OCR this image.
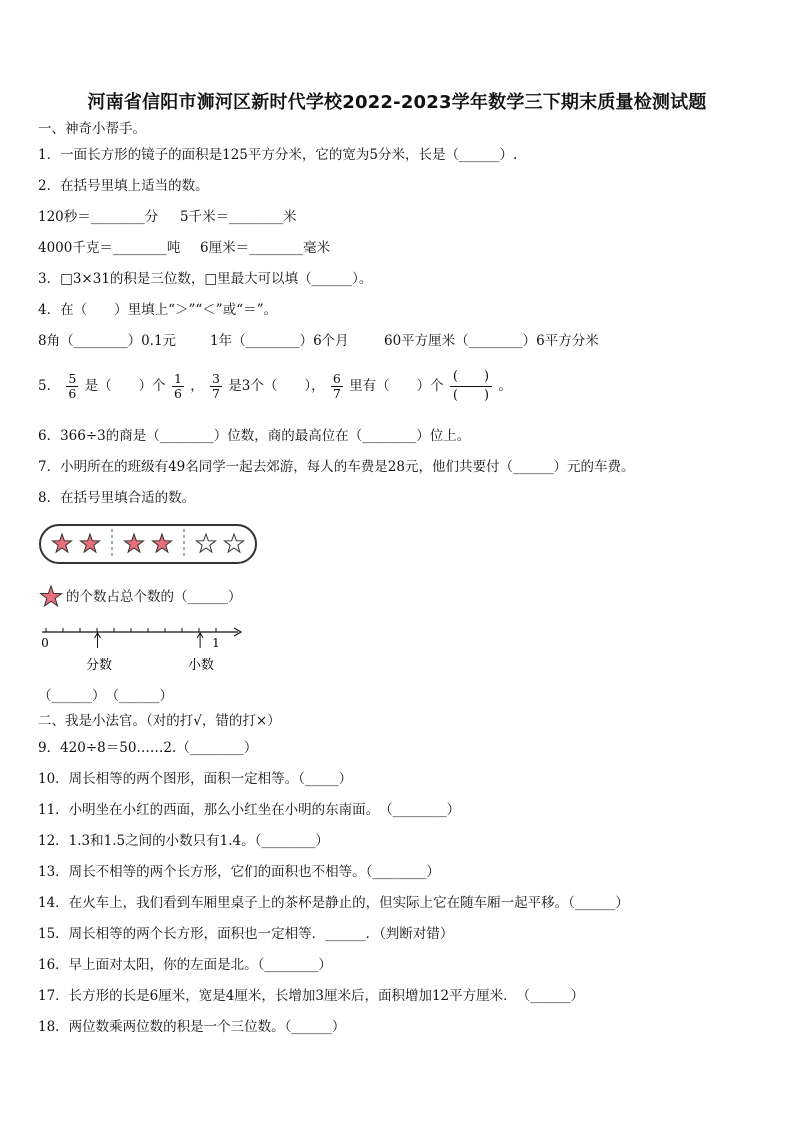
河南省信阳市浉河区新时代学校2022-2023学年数学三下期末质量检测试题
一、神奇小帮手。
1．一面长方形的镜子的面积是125平方分米，它的宽为5分米，长是（______）.
2．在括号里填上适当的数。
120秒＝________分 5千米＝________米
4000千克＝________吨 6厘米＝________毫米
3．□3×31的积是三位数，□里最大可以填（______）。
4．在（　　）里填上“＞”“＜”或“＝”。
8角（________）0.1元	1年（________）6个月	60平方厘米（________）6平方分米
5． $\frac{5}{6}$ 是（　　）个 $\frac{1}{6}$ ， $\frac{3}{7}$ 是3个（　　）， $\frac{6}{7}$ 里有（　　）个
(　　)
(　　)
。
6．366÷3的商是（________）位数，商的最高位在（________）位上。
7．小明所在的班级有49名同学一起去郊游，每人的车费是28元，他们共要付（______）元的车费。
8．在括号里填合适的数。
的个数占总个数的（______）
0	1
分数	小数
（______）　（______）
二、我是小法官。（对的打√，错的打×）
9．420÷8＝50……2.（________）
10．周长相等的两个图形，面积一定相等。（_____）
11．小明坐在小红的西面，那么小红坐在小明的东南面。　（________）
12．1.3和1.5之间的小数只有1.4。（________）
13．周长不相等的两个长方形，它们的面积也不相等。（________）
14．在火车上，我们看到车厢里桌子上的茶杯是静止的，但实际上它在随车厢一起平移。（______）
15．周长相等的两个长方形，面积也一定相等．______．（判断对错）
16．早上面对太阳，你的左面是北。（________）
17．长方形的长是6厘米，宽是4厘米，长增加3厘米后，面积增加12平方厘米．　（______）
18．两位数乘两位数的积是一个三位数。（______）
